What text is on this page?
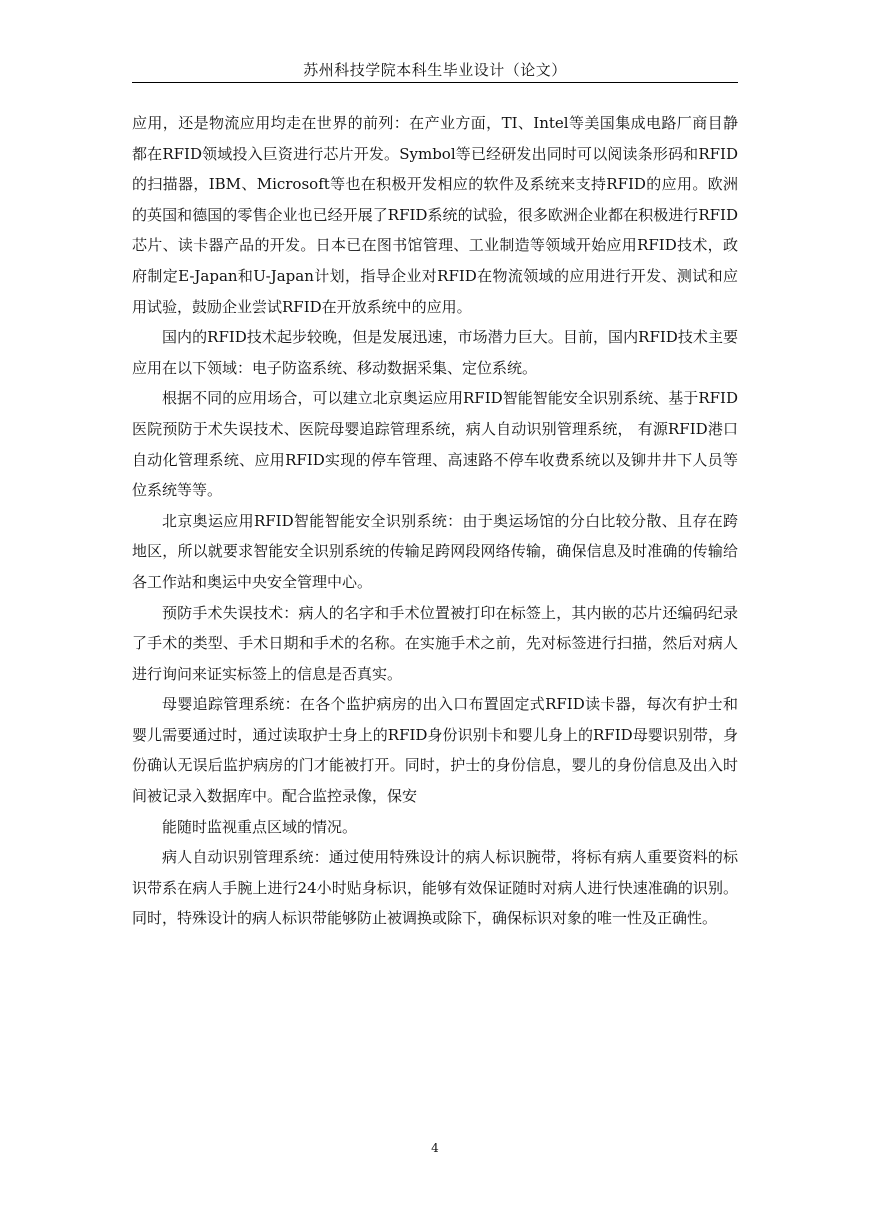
苏州科技学院本科生毕业设计（论文）

应用，还是物流应用均走在世界的前列：在产业方面，TI、Intel等美国集成电路厂商目静都在RFID领域投入巨资进行芯片开发。Symbol等已经研发出同时可以阅读条形码和RFID的扫描器，IBM、Microsoft等也在积极开发相应的软件及系统来支持RFID的应用。欧洲的英国和德国的零售企业也已经开展了RFID系统的试验，很多欧洲企业都在积极进行RFID芯片、读卡器产品的开发。日本已在图书馆管理、工业制造等领域开始应用RFID技术，政府制定E-Japan和U-Japan计划，指导企业对RFID在物流领域的应用进行开发、测试和应用试验，鼓励企业尝试RFID在开放系统中的应用。

国内的RFID技术起步较晚，但是发展迅速，市场潜力巨大。目前，国内RFID技术主要应用在以下领域：电子防盗系统、移动数据采集、定位系统。

根据不同的应用场合，可以建立北京奥运应用RFID智能智能安全识别系统、基于RFID医院预防于术失误技术、医院母婴追踪管理系统，病人自动识别管理系统， 有源RFID港口自动化管理系统、应用RFID实现的停车管理、高速路不停车收费系统以及铆井井下人员等位系统等等。

北京奥运应用RFID智能智能安全识别系统：由于奥运场馆的分白比较分散、且存在跨地区，所以就要求智能安全识别系统的传输足跨网段网络传输，确保信息及时准确的传输给各工作站和奥运中央安全管理中心。

预防手术失误技术：病人的名字和手术位置被打印在标签上，其内嵌的芯片还编码纪录了手术的类型、手术日期和手术的名称。在实施手术之前，先对标签进行扫描，然后对病人进行询问来证实标签上的信息是否真实。

母婴追踪管理系统：在各个监护病房的出入口布置固定式RFID读卡器，每次有护士和婴儿需要通过时，通过读取护士身上的RFID身份识别卡和婴儿身上的RFID母婴识别带，身份确认无误后监护病房的门才能被打开。同时，护士的身份信息，婴儿的身份信息及出入时间被记录入数据库中。配合监控录像，保安

能随时监视重点区域的情况。

病人自动识别管理系统：通过使用特殊设计的病人标识腕带，将标有病人重要资料的标识带系在病人手腕上进行24小时贴身标识，能够有效保证随时对病人进行快速准确的识别。同时，特殊设计的病人标识带能够防止被调换或除下，确保标识对象的唯一性及正确性。

4
